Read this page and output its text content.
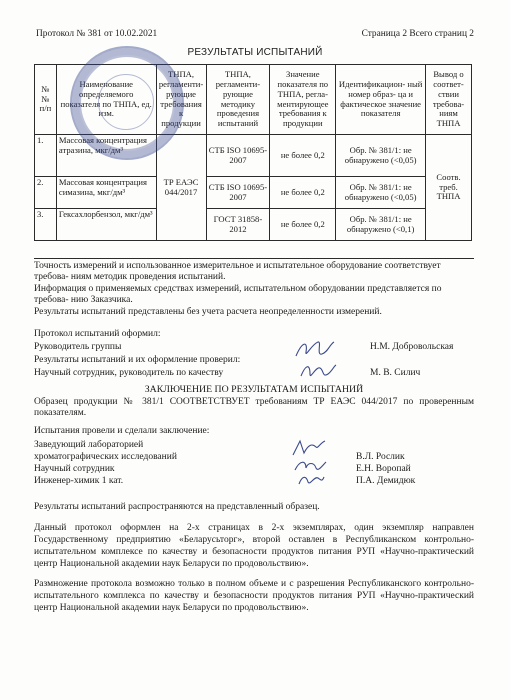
Протокол № 381 от 10.02.2021	Страница 2 Всего страниц 2
РЕЗУЛЬТАТЫ ИСПЫТАНИЙ
№ № п/п	Наименование определяемого показателя по ТНПА, ед. изм.	ТНПА, регламенти- рующие требования к продукции	ТНПА, регламенти- рующие методику проведения испытаний	Значение показателя по ТНПА, регла- ментирующее требования к продукции	Идентификацион- ный номер образ- ца и фактическое значение показателя	Вывод о соответ- ствии требова- ниям ТНПА
1.	Массовая концентрация атразина, мкг/дм³	ТР ЕАЭС 044/2017	СТБ ISO 10695-2007	не более 0,2	Обр. № 381/1: не обнаружено (<0,05)	Соотв. треб. ТНПА
2.	Массовая концентрация симазина, мкг/дм³		СТБ ISO 10695-2007	не более 0,2	Обр. № 381/1: не обнаружено (<0,05)	
3.	Гексахлорбензол, мкг/дм³		ГОСТ 31858-2012	не более 0,2	Обр. № 381/1: не обнаружено (<0,1)	
Точность измерений и использованное измерительное и испытательное оборудование соответствует требова- ниям методик проведения испытаний.
Информация о применяемых средствах измерений, испытательном оборудовании представляется по требова- нию Заказчика.
Результаты испытаний представлены без учета расчета неопределенности измерений.
Протокол испытаний оформил:
Руководитель группы	Н.М. Добровольская
Результаты испытаний и их оформление проверил:
Научный сотрудник, руководитель по качеству	М. В. Силич
ЗАКЛЮЧЕНИЕ ПО РЕЗУЛЬТАТАМ ИСПЫТАНИЙ
Образец продукции № 381/1 СООТВЕТСТВУЕТ требованиям ТР ЕАЭС 044/2017 по проверенным показателям.
Испытания провели и сделали заключение:
Заведующий лабораторией
хроматографических исследований	В.Л. Рослик
Научный сотрудник	Е.Н. Воропай
Инженер-химик 1 кат.	П.А. Демидюк
Результаты испытаний распространяются на представленный образец.
Данный протокол оформлен на 2-х страницах в 2-х экземплярах, один экземпляр направлен Государственному предприятию «Беларусьторг», второй оставлен в Республиканском контрольно-испытательном комплексе по качеству и безопасности продуктов питания РУП «Научно-практический центр Национальной академии наук Беларуси по продовольствию».
Размножение протокола возможно только в полном объеме и с разрешения Республиканского контрольно-испытательного комплекса по качеству и безопасности продуктов питания РУП «Научно-практический центр Национальной академии наук Беларуси по продовольствию».
